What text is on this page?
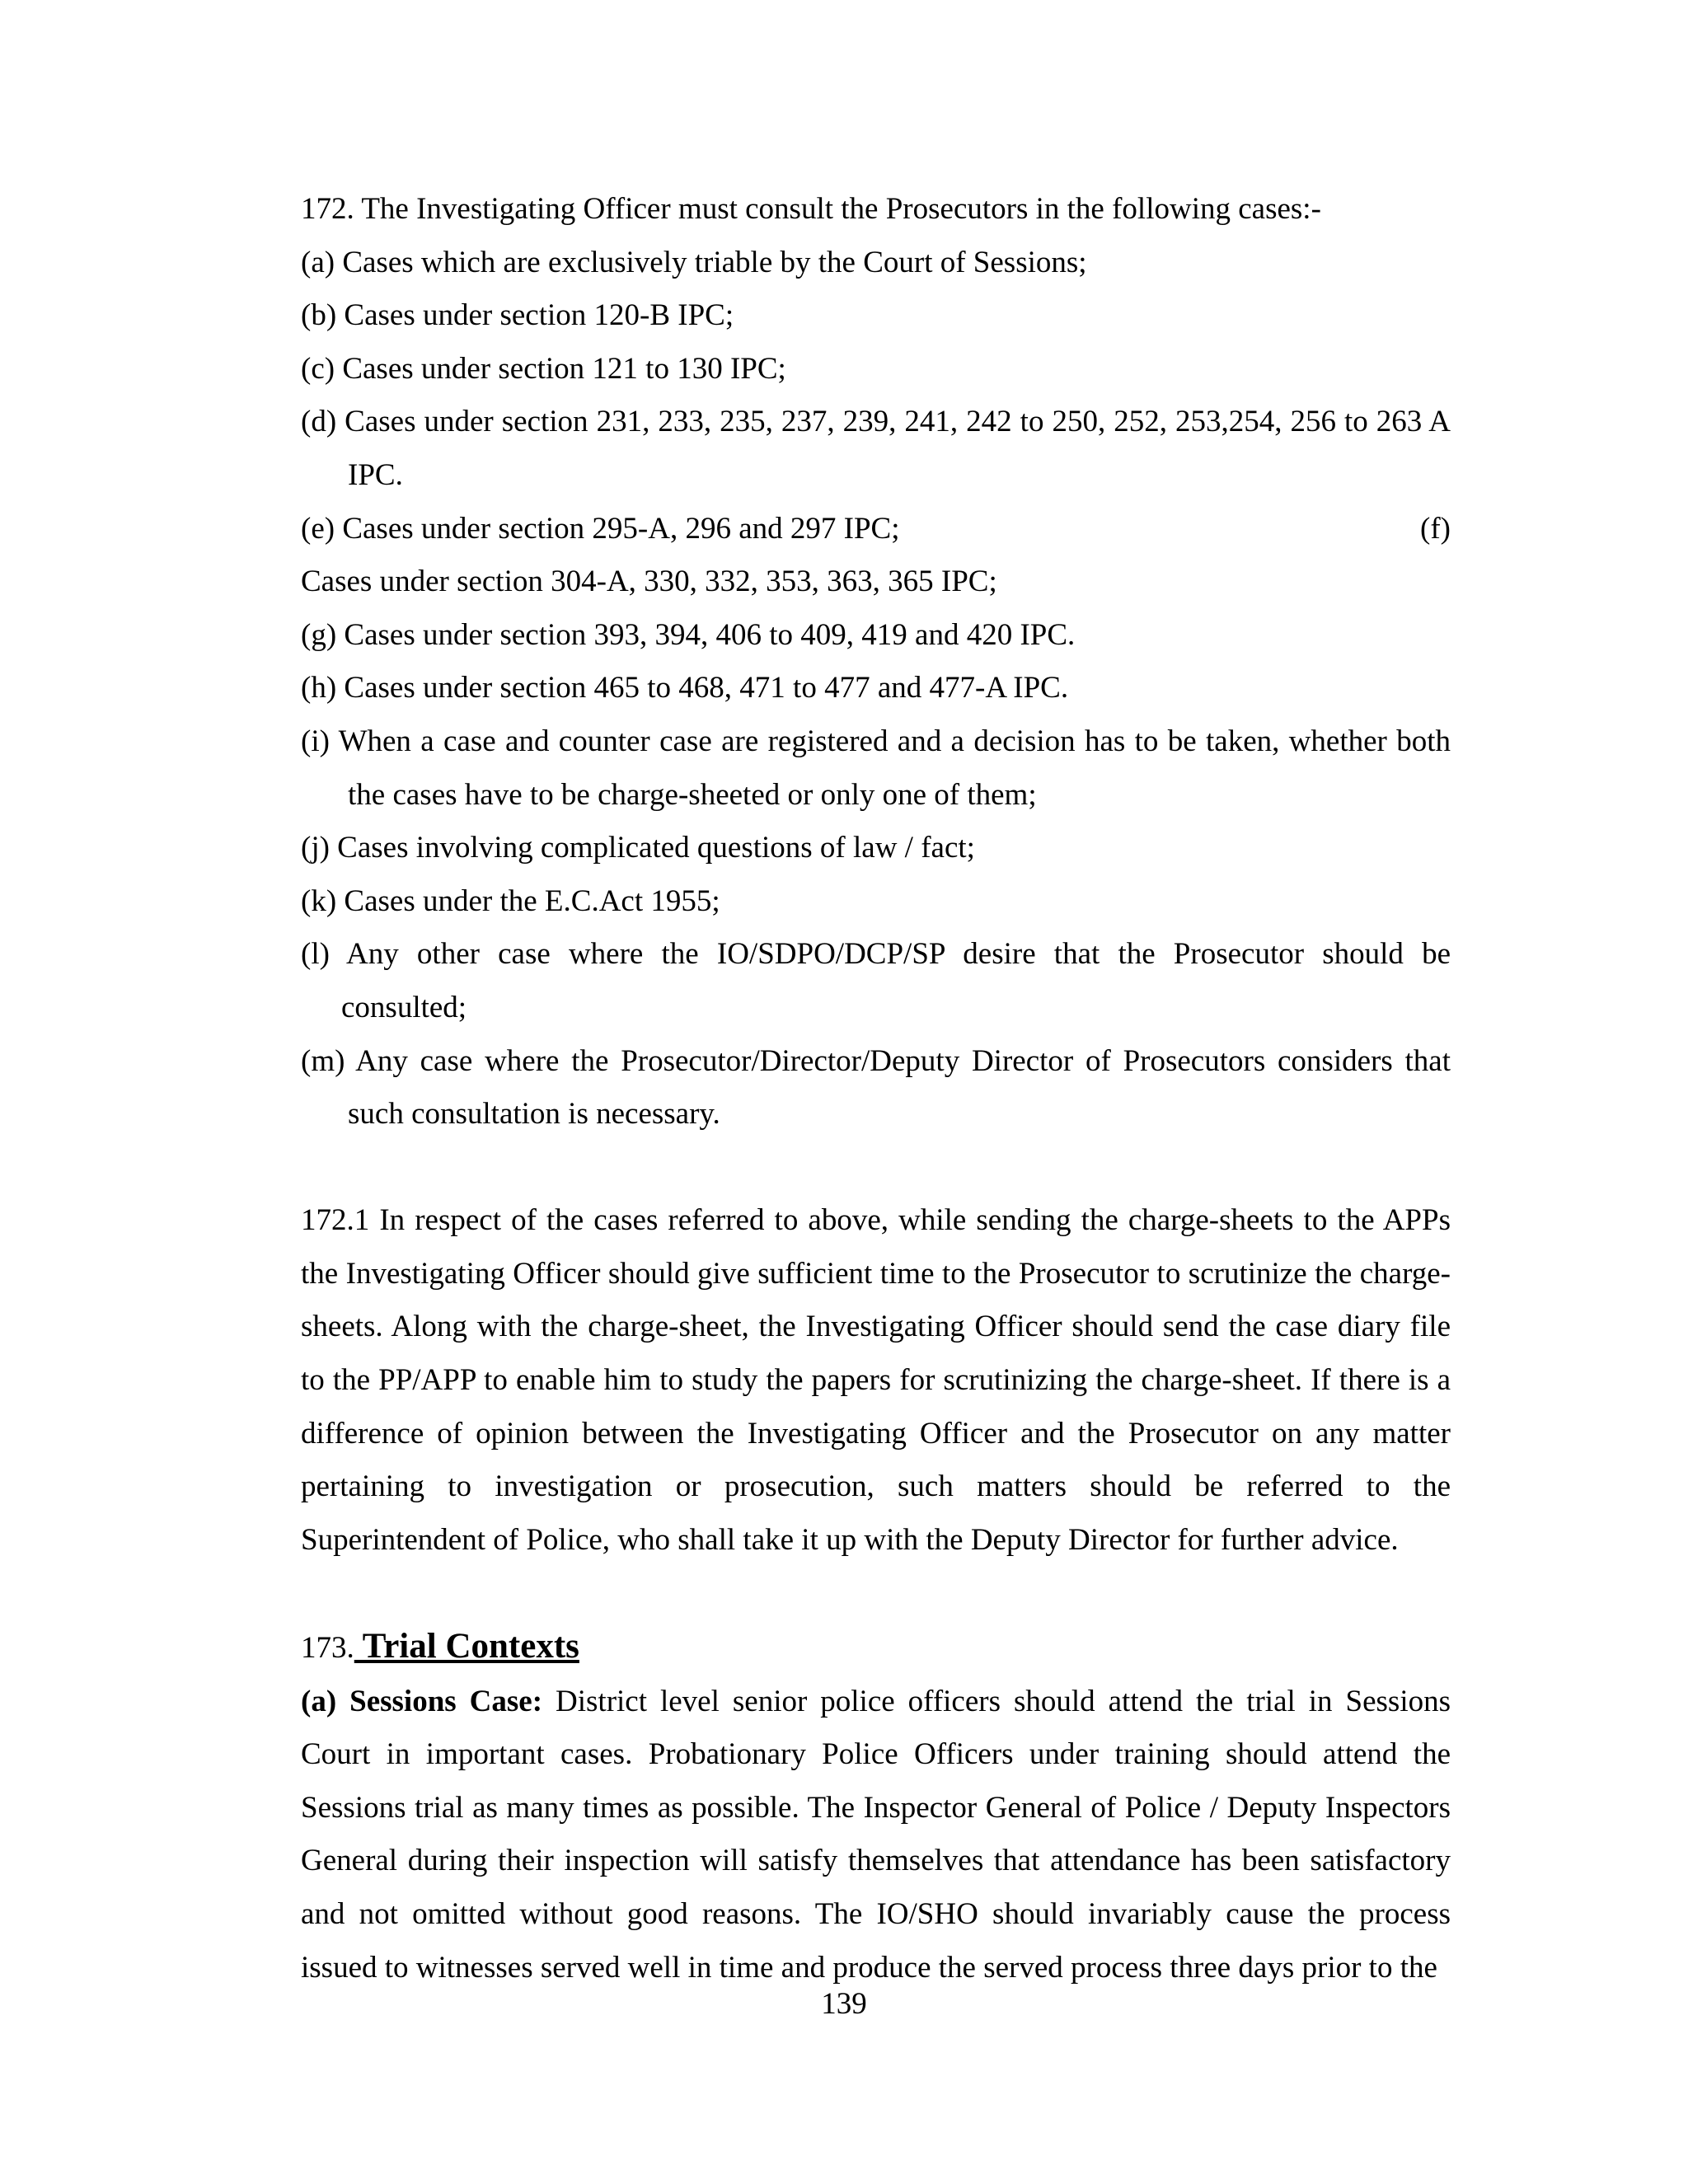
172. The Investigating Officer must consult the Prosecutors in the following cases:-
(a) Cases which are exclusively triable by the Court of Sessions;
(b) Cases under section 120-B IPC;
(c) Cases under section 121 to 130 IPC;
(d) Cases under section 231, 233, 235, 237, 239, 241, 242 to 250, 252, 253,254, 256 to 263 A
IPC.
(e) Cases under section 295-A, 296 and 297 IPC;	(f)
Cases under section 304-A, 330, 332, 353, 363, 365 IPC;
(g) Cases under section 393, 394, 406 to 409, 419 and 420 IPC.
(h) Cases under section 465 to 468, 471 to 477 and 477-A IPC.
(i) When a case and counter case are registered and a decision has to be taken, whether both
the cases have to be charge-sheeted or only one of them;
(j) Cases involving complicated questions of law / fact;
(k) Cases under the E.C.Act 1955;
(l) Any other case where the IO/SDPO/DCP/SP desire that the Prosecutor should be
consulted;
(m) Any case where the Prosecutor/Director/Deputy Director of Prosecutors considers that
such consultation is necessary.
172.1 In respect of the cases referred to above, while sending the charge-sheets to the APPs the Investigating Officer should give sufficient time to the Prosecutor to scrutinize the charge-sheets. Along with the charge-sheet, the Investigating Officer should send the case diary file to the PP/APP to enable him to study the papers for scrutinizing the charge-sheet. If there is a difference of opinion between the Investigating Officer and the Prosecutor on any matter pertaining to investigation or prosecution, such matters should be referred to the Superintendent of Police, who shall take it up with the Deputy Director for further advice.
173. Trial Contexts
(a) Sessions Case: District level senior police officers should attend the trial in Sessions Court in important cases. Probationary Police Officers under training should attend the Sessions trial as many times as possible. The Inspector General of Police / Deputy Inspectors General during their inspection will satisfy themselves that attendance has been satisfactory and not omitted without good reasons. The IO/SHO should invariably cause the process issued to witnesses served well in time and produce the served process three days prior to the
139
